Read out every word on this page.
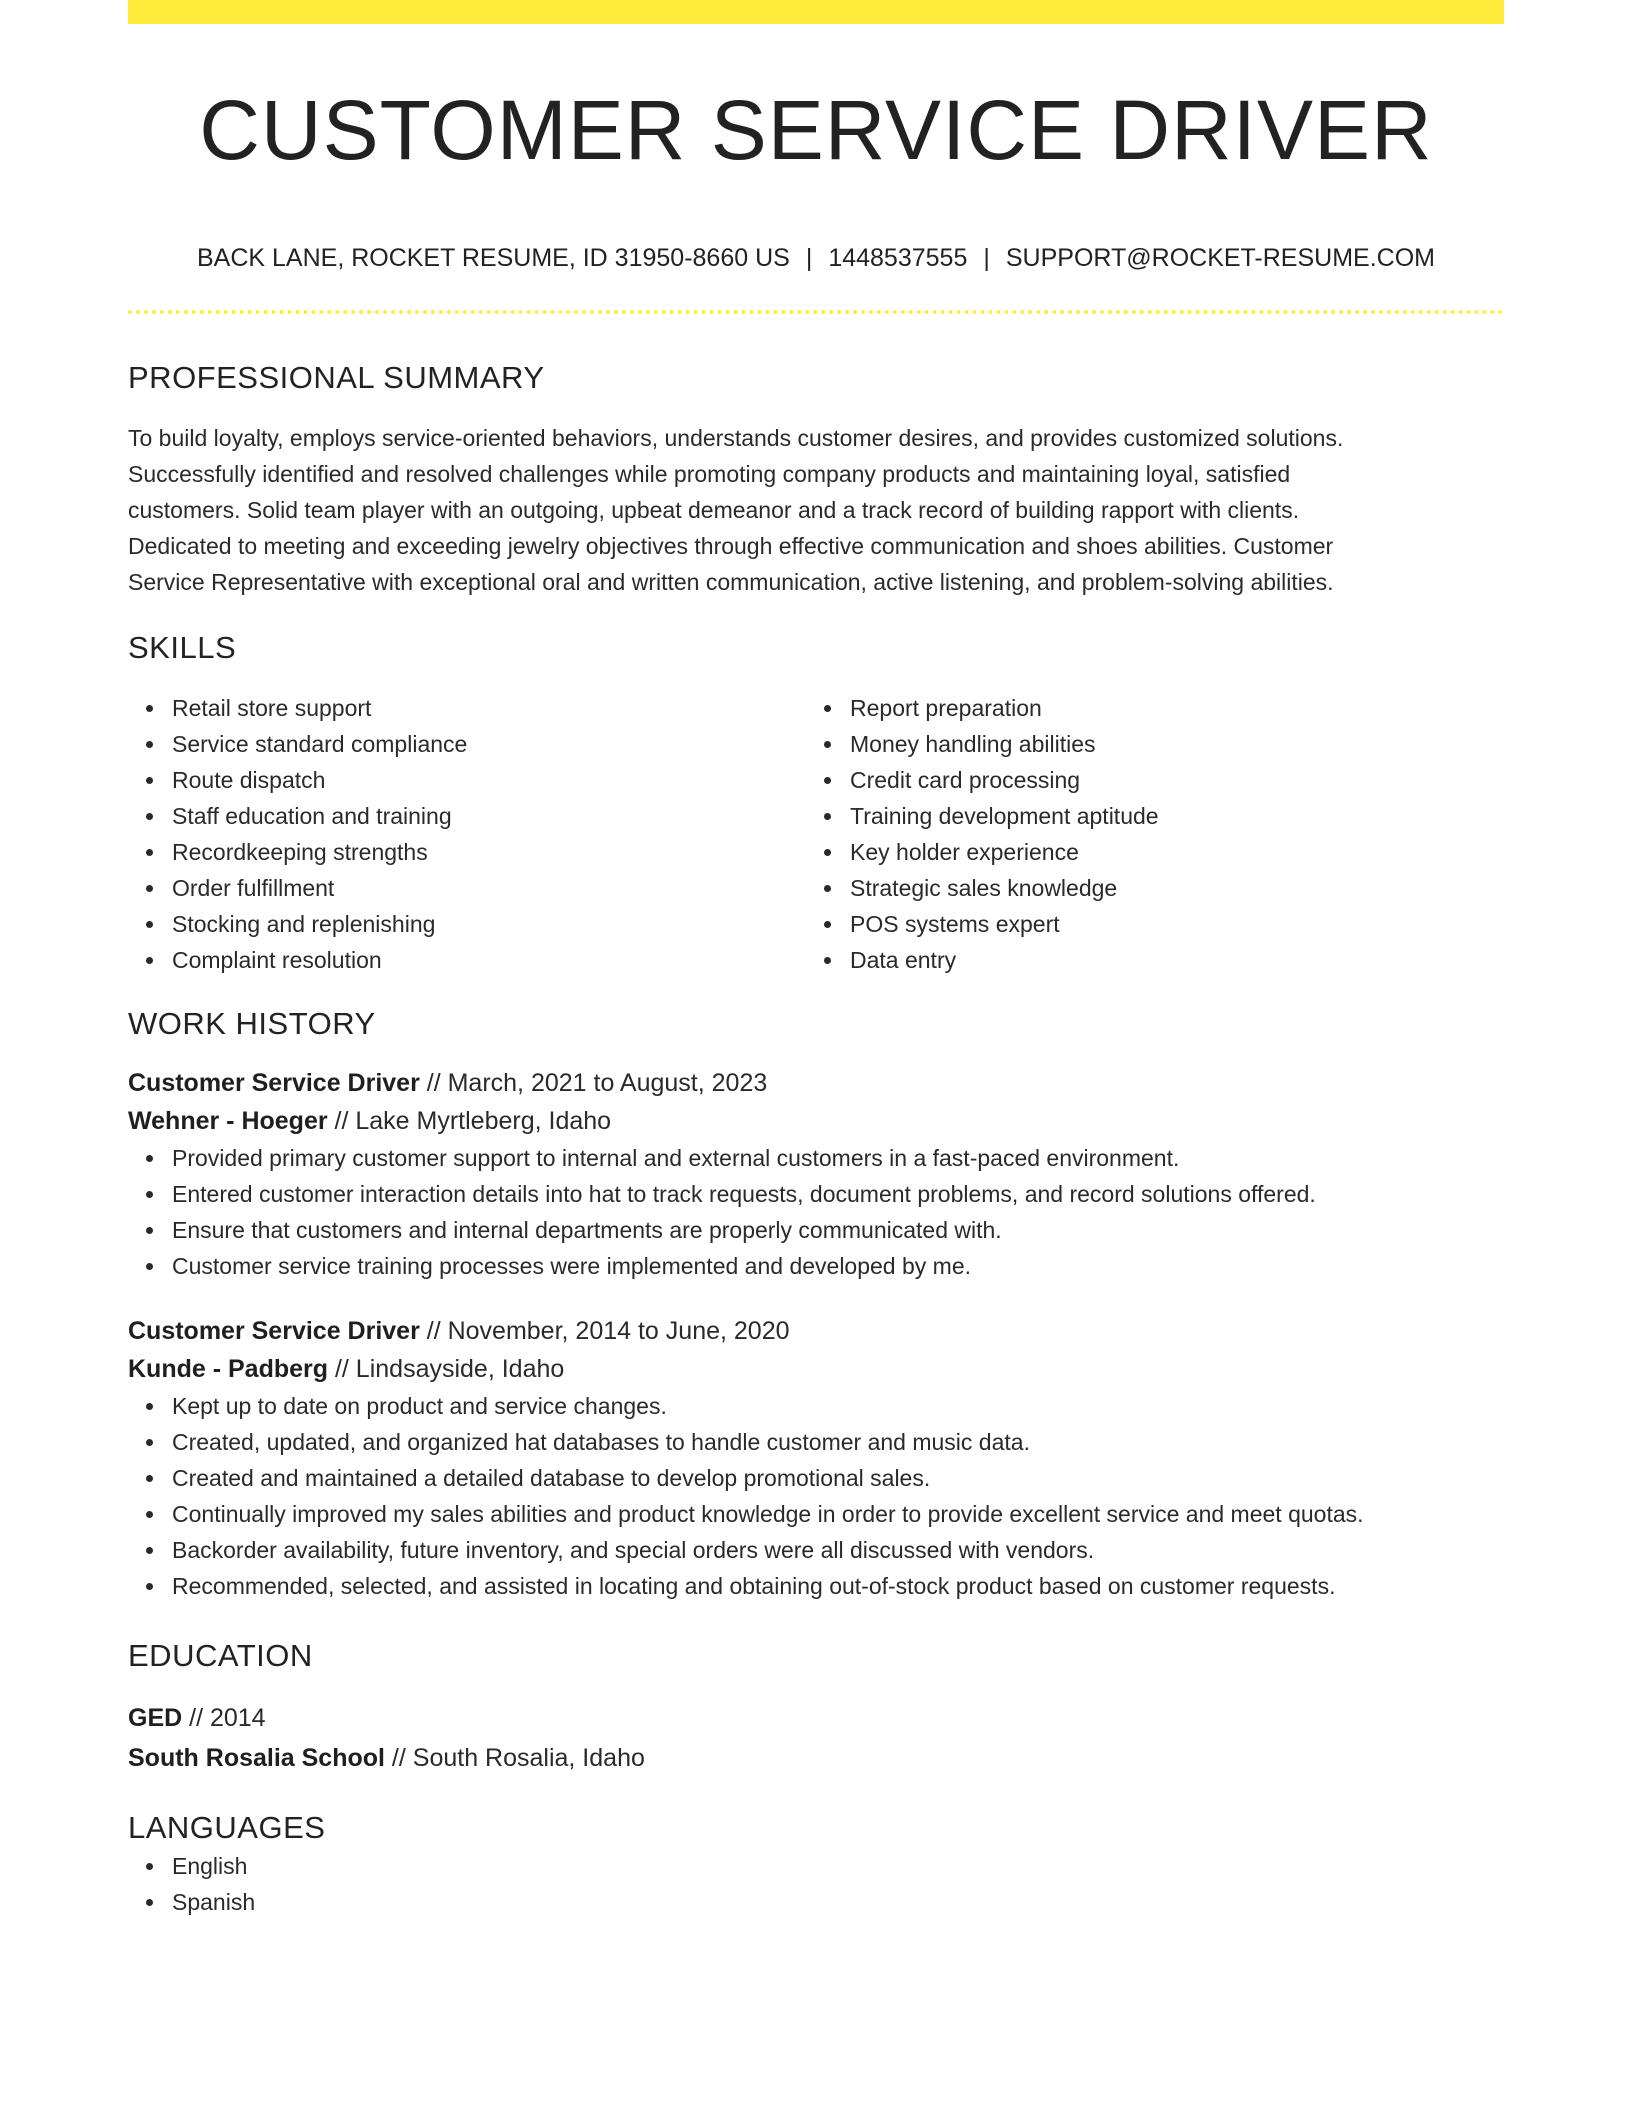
CUSTOMER SERVICE DRIVER
BACK LANE, ROCKET RESUME, ID 31950-8660 US | 1448537555 | SUPPORT@ROCKET-RESUME.COM
PROFESSIONAL SUMMARY
To build loyalty, employs service-oriented behaviors, understands customer desires, and provides customized solutions.
Successfully identified and resolved challenges while promoting company products and maintaining loyal, satisfied
customers. Solid team player with an outgoing, upbeat demeanor and a track record of building rapport with clients.
Dedicated to meeting and exceeding jewelry objectives through effective communication and shoes abilities. Customer
Service Representative with exceptional oral and written communication, active listening, and problem-solving abilities.
SKILLS
Retail store support
Service standard compliance
Route dispatch
Staff education and training
Recordkeeping strengths
Order fulfillment
Stocking and replenishing
Complaint resolution
Report preparation
Money handling abilities
Credit card processing
Training development aptitude
Key holder experience
Strategic sales knowledge
POS systems expert
Data entry
WORK HISTORY
Customer Service Driver // March, 2021 to August, 2023
Wehner - Hoeger // Lake Myrtleberg, Idaho
Provided primary customer support to internal and external customers in a fast-paced environment.
Entered customer interaction details into hat to track requests, document problems, and record solutions offered.
Ensure that customers and internal departments are properly communicated with.
Customer service training processes were implemented and developed by me.
Customer Service Driver // November, 2014 to June, 2020
Kunde - Padberg // Lindsayside, Idaho
Kept up to date on product and service changes.
Created, updated, and organized hat databases to handle customer and music data.
Created and maintained a detailed database to develop promotional sales.
Continually improved my sales abilities and product knowledge in order to provide excellent service and meet quotas.
Backorder availability, future inventory, and special orders were all discussed with vendors.
Recommended, selected, and assisted in locating and obtaining out-of-stock product based on customer requests.
EDUCATION
GED // 2014
South Rosalia School // South Rosalia, Idaho
LANGUAGES
English
Spanish
